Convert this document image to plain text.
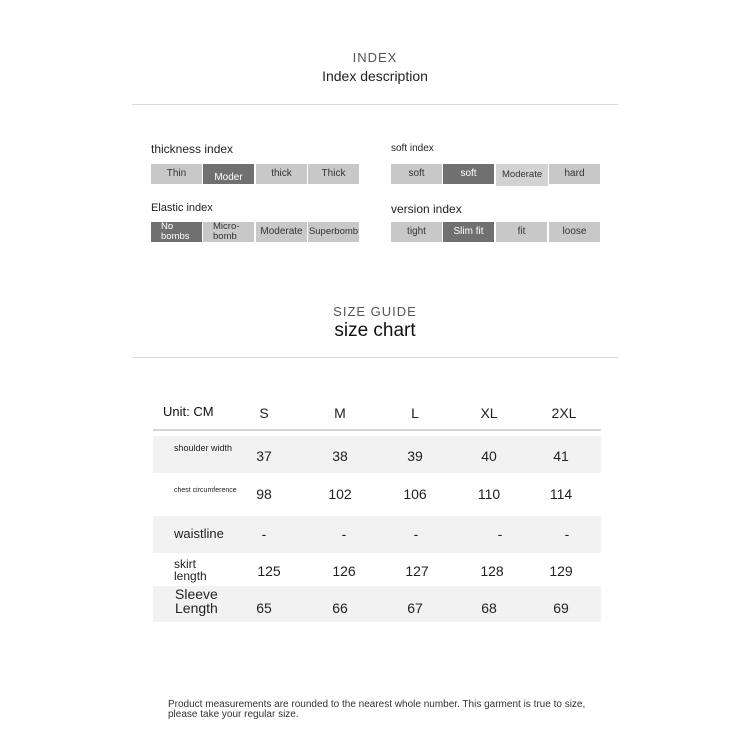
INDEX
Index description
thickness index
Thin	Moder	thick	Thick
soft index
soft	soft	Moderate	hard
Elastic index
No bombs
Micro-bomb	Moderate Superbomb
version index
tight	Slim fit	fit	loose
SIZE GUIDE
size chart
Unit: CM	S	M	L	XL	2XL
shoulder width	37	38	39	40	41
chest circumference	98	102	106	110	114
waistline	-	-	-	-	-
skirt length	125	126	127	128	129
Sleeve Length	65	66	67	68	69
Product measurements are rounded to the nearest whole number. This garment is true to size, please take your regular size.
